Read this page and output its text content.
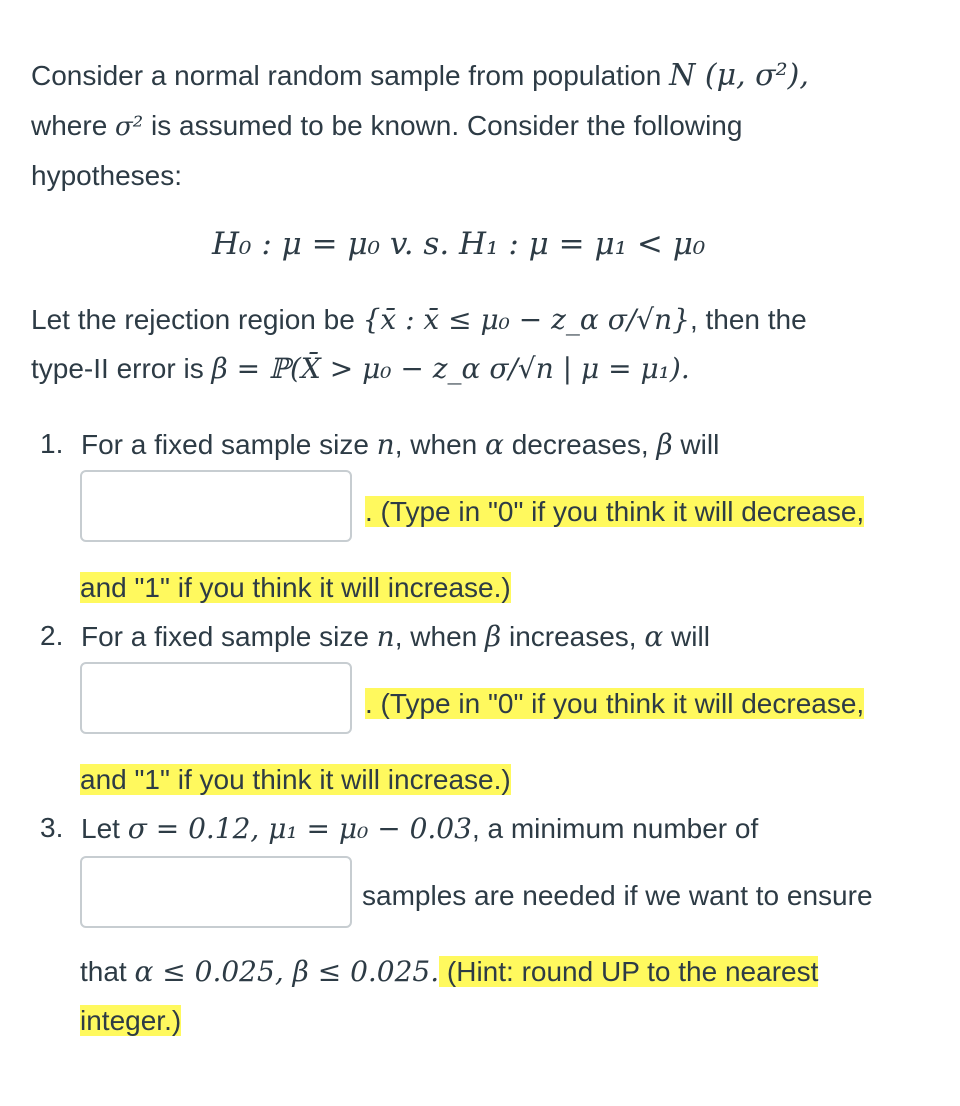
Consider a normal random sample from population N (μ, σ²),
where σ² is assumed to be known. Consider the following
hypotheses:
H₀ : μ = μ₀ v. s. H₁ : μ = μ₁ < μ₀
Let the rejection region be {x̄ : x̄ ≤ μ₀ − z_α σ/√n}, then the
type-II error is β = ℙ(X̄ > μ₀ − z_α σ/√n | μ = μ₁).
1. For a fixed sample size n, when α decreases, β will
. (Type in "0" if you think it will decrease,
and "1" if you think it will increase.)
2. For a fixed sample size n, when β increases, α will
. (Type in "0" if you think it will decrease,
and "1" if you think it will increase.)
3. Let σ = 0.12, μ₁ = μ₀ − 0.03, a minimum number of
samples are needed if we want to ensure
that α ≤ 0.025, β ≤ 0.025. (Hint: round UP to the nearest
integer.)
